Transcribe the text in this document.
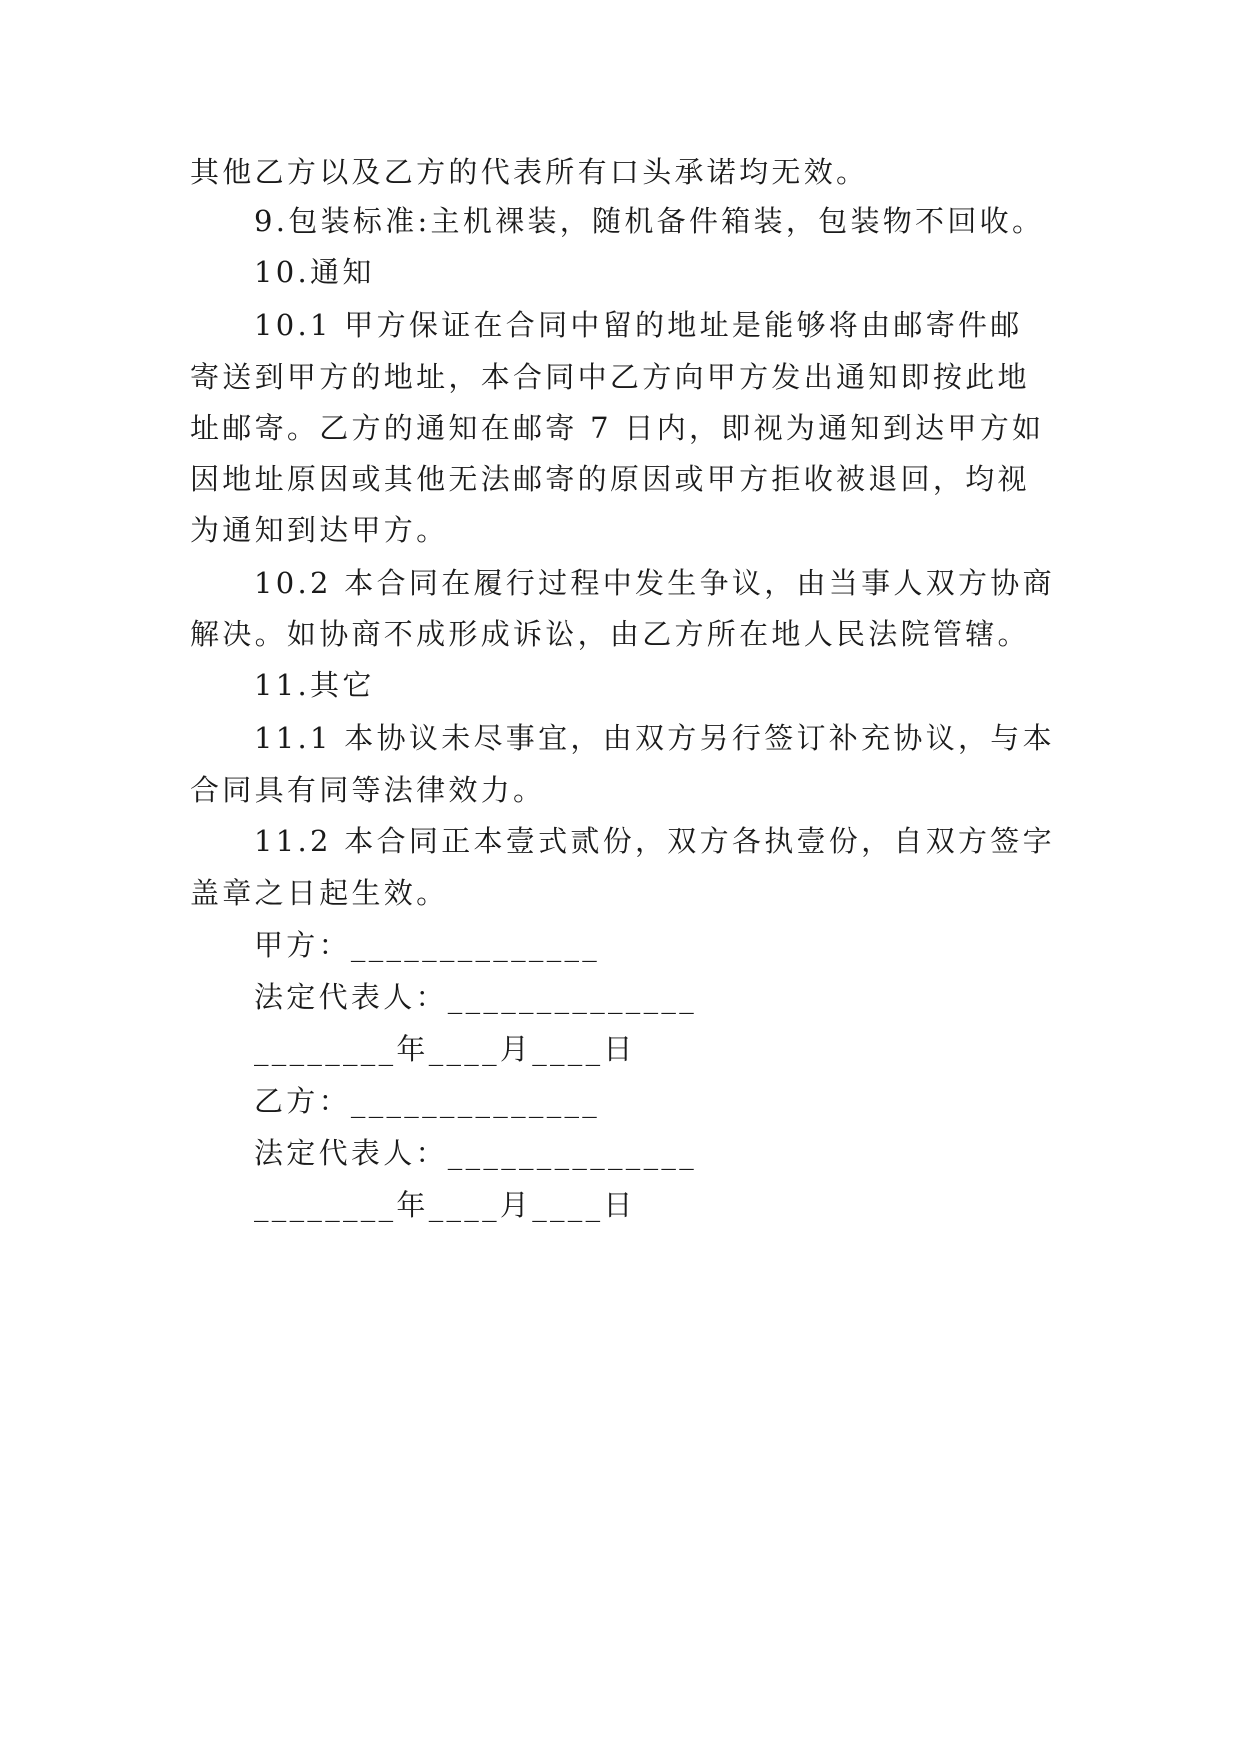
其他乙方以及乙方的代表所有口头承诺均无效。
9.包装标准:主机裸装，随机备件箱装，包装物不回收。
10.通知
10.1 甲方保证在合同中留的地址是能够将由邮寄件邮
寄送到甲方的地址，本合同中乙方向甲方发出通知即按此地
址邮寄。乙方的通知在邮寄 7 日内，即视为通知到达甲方如
因地址原因或其他无法邮寄的原因或甲方拒收被退回，均视
为通知到达甲方。
10.2 本合同在履行过程中发生争议，由当事人双方协商
解决。如协商不成形成诉讼，由乙方所在地人民法院管辖。
11.其它
11.1 本协议未尽事宜，由双方另行签订补充协议，与本
合同具有同等法律效力。
11.2 本合同正本壹式贰份，双方各执壹份，自双方签字
盖章之日起生效。
甲方：______________
法定代表人：______________
________年____月____日
乙方：______________
法定代表人：______________
________年____月____日
